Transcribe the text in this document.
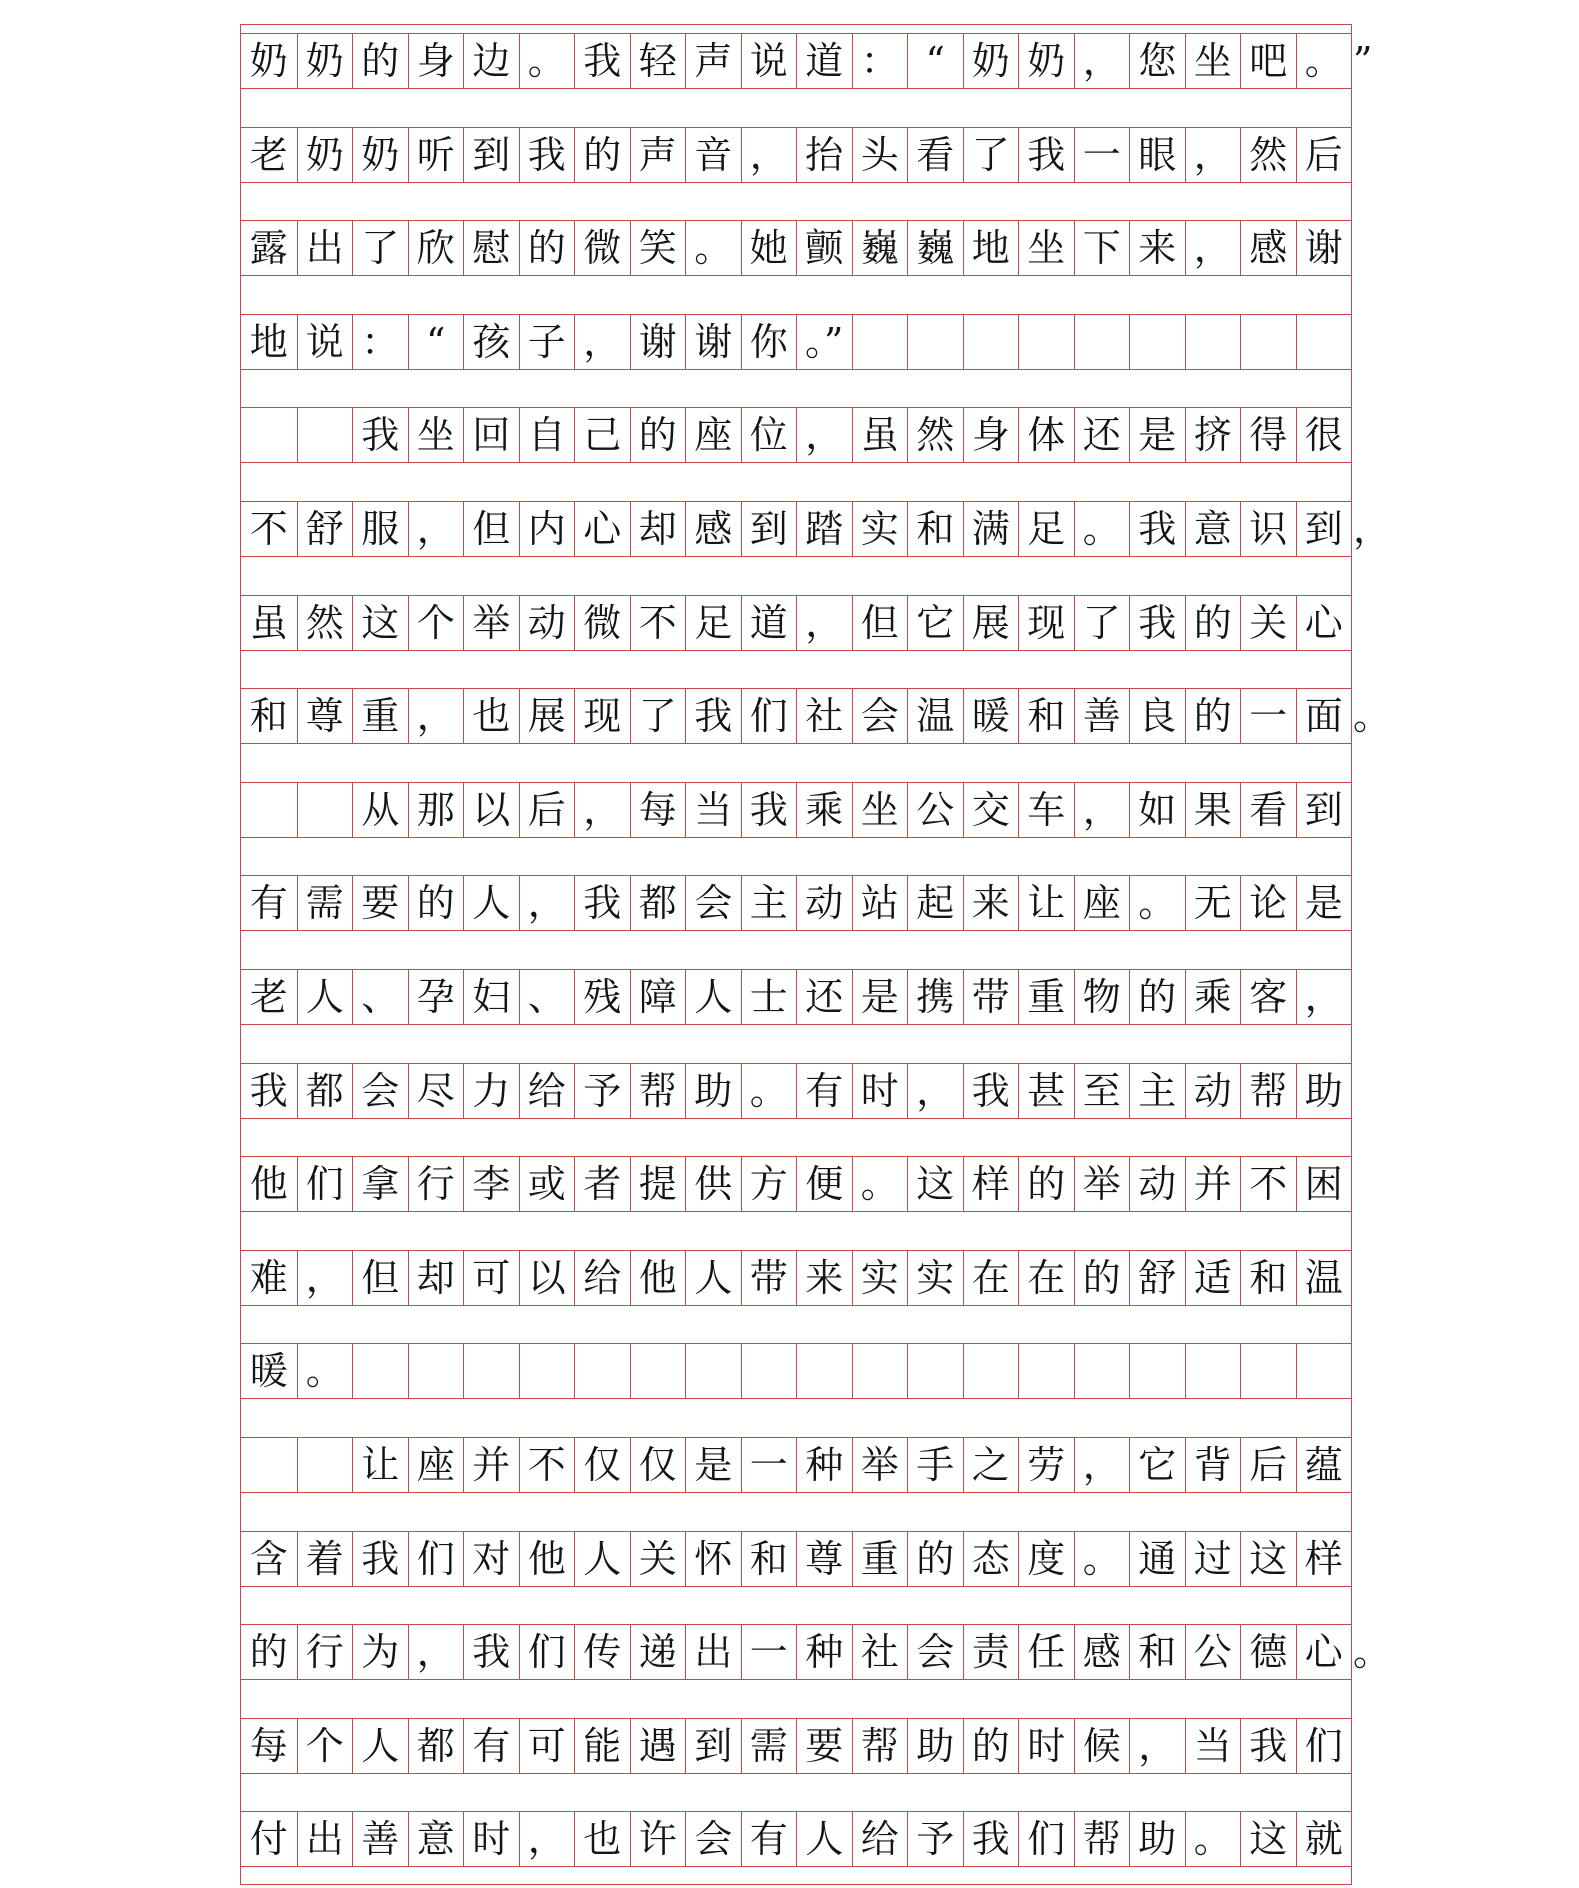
奶 奶 的 身 边 。 我 轻 声 说 道 ： “ 奶 奶 ， 您 坐 吧 。 ”
老 奶 奶 听 到 我 的 声 音 ， 抬 头 看 了 我 一 眼 ， 然 后
露 出 了 欣 慰 的 微 笑 。 她 颤 巍 巍 地 坐 下 来 ， 感 谢
地 说 ： “ 孩 子 ， 谢 谢 你 。”
我 坐 回 自 己 的 座 位 ， 虽 然 身 体 还 是 挤 得 很
不 舒 服 ， 但 内 心 却 感 到 踏 实 和 满 足 。 我 意 识 到 ，
虽 然 这 个 举 动 微 不 足 道 ， 但 它 展 现 了 我 的 关 心
和 尊 重 ， 也 展 现 了 我 们 社 会 温 暖 和 善 良 的 一 面 。
从 那 以 后 ， 每 当 我 乘 坐 公 交 车 ， 如 果 看 到
有 需 要 的 人 ， 我 都 会 主 动 站 起 来 让 座 。 无 论 是
老 人 、 孕 妇 、 残 障 人 士 还 是 携 带 重 物 的 乘 客 ，
我 都 会 尽 力 给 予 帮 助 。 有 时 ， 我 甚 至 主 动 帮 助
他 们 拿 行 李 或 者 提 供 方 便 。 这 样 的 举 动 并 不 困
难 ， 但 却 可 以 给 他 人 带 来 实 实 在 在 的 舒 适 和 温
暖 。
让 座 并 不 仅 仅 是 一 种 举 手 之 劳 ， 它 背 后 蕴
含 着 我 们 对 他 人 关 怀 和 尊 重 的 态 度 。 通 过 这 样
的 行 为 ， 我 们 传 递 出 一 种 社 会 责 任 感 和 公 德 心 。
每 个 人 都 有 可 能 遇 到 需 要 帮 助 的 时 候 ， 当 我 们
付 出 善 意 时 ， 也 许 会 有 人 给 予 我 们 帮 助 。 这 就
